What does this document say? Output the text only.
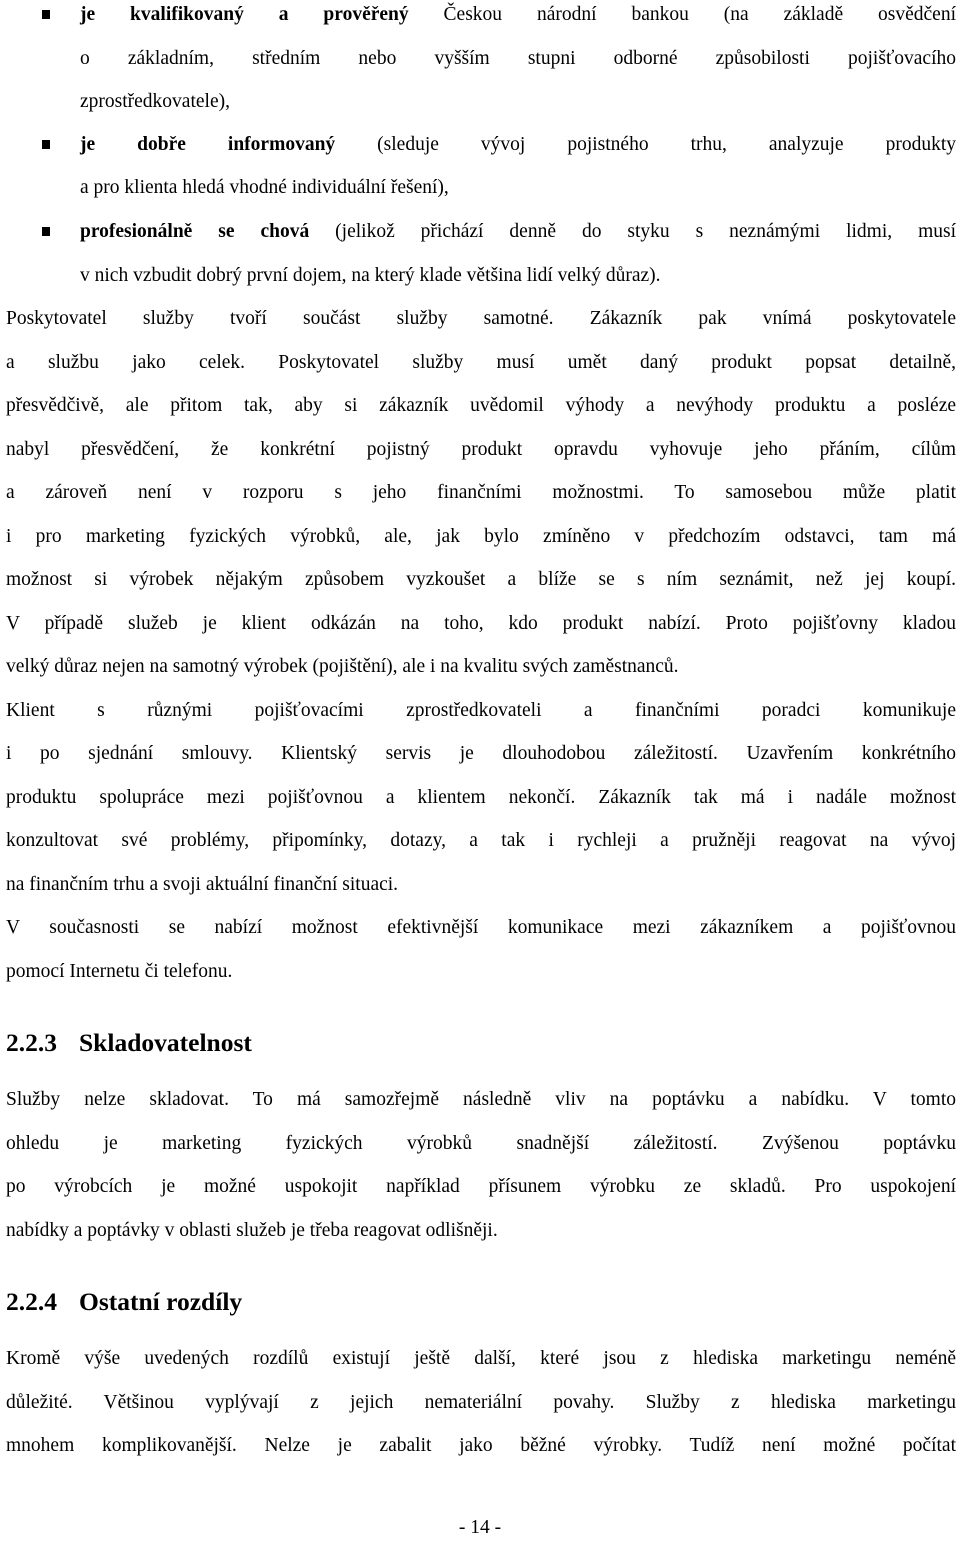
je kvalifikovaný a prověřený Českou národní bankou (na základě osvědčení
o základním, středním nebo vyšším stupni odborné způsobilosti pojišťovacího
zprostředkovatele),
je dobře informovaný (sleduje vývoj pojistného trhu, analyzuje produkty
a pro klienta hledá vhodné individuální řešení),
profesionálně se chová (jelikož přichází denně do styku s neznámými lidmi, musí
v nich vzbudit dobrý první dojem, na který klade většina lidí velký důraz).
Poskytovatel služby tvoří součást služby samotné. Zákazník pak vnímá poskytovatele
a službu jako celek. Poskytovatel služby musí umět daný produkt popsat detailně,
přesvědčivě, ale přitom tak, aby si zákazník uvědomil výhody a nevýhody produktu a posléze
nabyl přesvědčení, že konkrétní pojistný produkt opravdu vyhovuje jeho přáním, cílům
a zároveň není v rozporu s jeho finančními možnostmi. To samosebou může platit
i pro marketing fyzických výrobků, ale, jak bylo zmíněno v předchozím odstavci, tam má
možnost si výrobek nějakým způsobem vyzkoušet a blíže se s ním seznámit, než jej koupí.
V případě služeb je klient odkázán na toho, kdo produkt nabízí. Proto pojišťovny kladou
velký důraz nejen na samotný výrobek (pojištění), ale i na kvalitu svých zaměstnanců.
Klient s různými pojišťovacími zprostředkovateli a finančními poradci komunikuje
i po sjednání smlouvy. Klientský servis je dlouhodobou záležitostí. Uzavřením konkrétního
produktu spolupráce mezi pojišťovnou a klientem nekončí. Zákazník tak má i nadále možnost
konzultovat své problémy, připomínky, dotazy, a tak i rychleji a pružněji reagovat na vývoj
na finančním trhu a svoji aktuální finanční situaci.
V současnosti se nabízí možnost efektivnější komunikace mezi zákazníkem a pojišťovnou
pomocí Internetu či telefonu.
2.2.3 Skladovatelnost
Služby nelze skladovat. To má samozřejmě následně vliv na poptávku a nabídku. V tomto
ohledu je marketing fyzických výrobků snadnější záležitostí. Zvýšenou poptávku
po výrobcích je možné uspokojit například přísunem výrobku ze skladů. Pro uspokojení
nabídky a poptávky v oblasti služeb je třeba reagovat odlišněji.
2.2.4 Ostatní rozdíly
Kromě výše uvedených rozdílů existují ještě další, které jsou z hlediska marketingu neméně
důležité. Většinou vyplývají z jejich nemateriální povahy. Služby z hlediska marketingu
mnohem komplikovanější. Nelze je zabalit jako běžné výrobky. Tudíž není možné počítat
- 14 -
